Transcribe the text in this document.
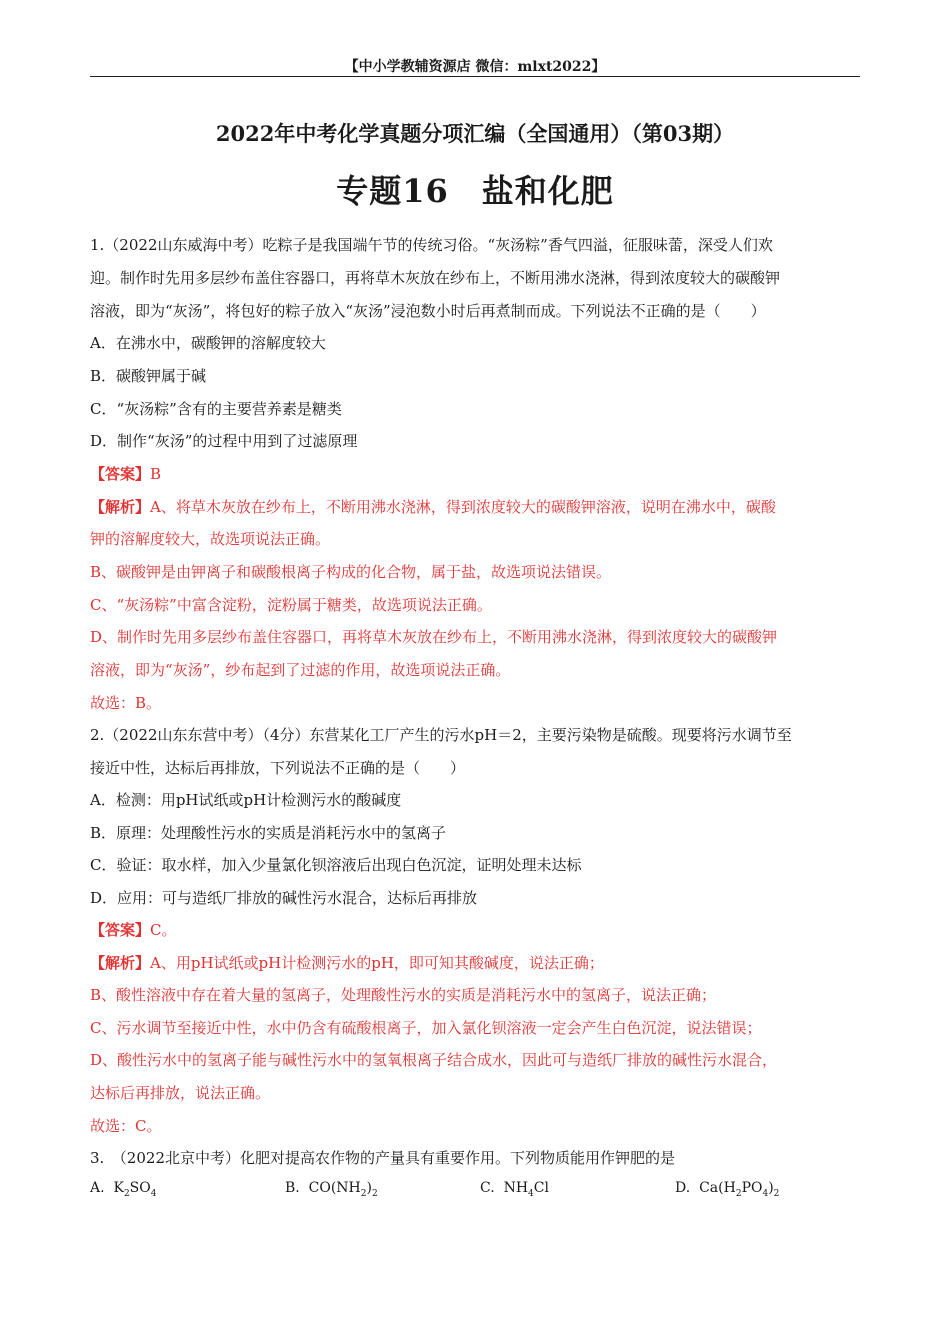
【中小学教辅资源店 微信：mlxt2022】
2022年中考化学真题分项汇编（全国通用）（第03期）
专题16　盐和化肥
1.（2022山东威海中考）吃粽子是我国端午节的传统习俗。“灰汤粽”香气四溢，征服味蕾，深受人们欢
迎。制作时先用多层纱布盖住容器口，再将草木灰放在纱布上，不断用沸水浇淋，得到浓度较大的碳酸钾
溶液，即为“灰汤”，将包好的粽子放入“灰汤”浸泡数小时后再煮制而成。下列说法不正确的是（　　）
A．在沸水中，碳酸钾的溶解度较大
B．碳酸钾属于碱
C．“灰汤粽”含有的主要营养素是糖类
D．制作“灰汤”的过程中用到了过滤原理
【答案】B
【解析】A、将草木灰放在纱布上，不断用沸水浇淋，得到浓度较大的碳酸钾溶液，说明在沸水中，碳酸
钾的溶解度较大，故选项说法正确。
B、碳酸钾是由钾离子和碳酸根离子构成的化合物，属于盐，故选项说法错误。
C、“灰汤粽”中富含淀粉，淀粉属于糖类，故选项说法正确。
D、制作时先用多层纱布盖住容器口，再将草木灰放在纱布上，不断用沸水浇淋，得到浓度较大的碳酸钾
溶液，即为“灰汤”，纱布起到了过滤的作用，故选项说法正确。
故选：B。
2.（2022山东东营中考）（4分）东营某化工厂产生的污水pH＝2，主要污染物是硫酸。现要将污水调节至
接近中性，达标后再排放，下列说法不正确的是（　　）
A．检测：用pH试纸或pH计检测污水的酸碱度
B．原理：处理酸性污水的实质是消耗污水中的氢离子
C．验证：取水样，加入少量氯化钡溶液后出现白色沉淀，证明处理未达标
D．应用：可与造纸厂排放的碱性污水混合，达标后再排放
【答案】C。
【解析】A、用pH试纸或pH计检测污水的pH，即可知其酸碱度，说法正确；
B、酸性溶液中存在着大量的氢离子，处理酸性污水的实质是消耗污水中的氢离子，说法正确；
C、污水调节至接近中性，水中仍含有硫酸根离子，加入氯化钡溶液一定会产生白色沉淀，说法错误；
D、酸性污水中的氢离子能与碱性污水中的氢氧根离子结合成水，因此可与造纸厂排放的碱性污水混合，
达标后再排放，说法正确。
故选：C。
3.　（2022北京中考）化肥对提高农作物的产量具有重要作用。下列物质能用作钾肥的是
A. $K_2SO_4$	B. $CO(NH_2)_2$	C. $NH_4Cl$	D. $Ca(H_2PO_4)_2$
